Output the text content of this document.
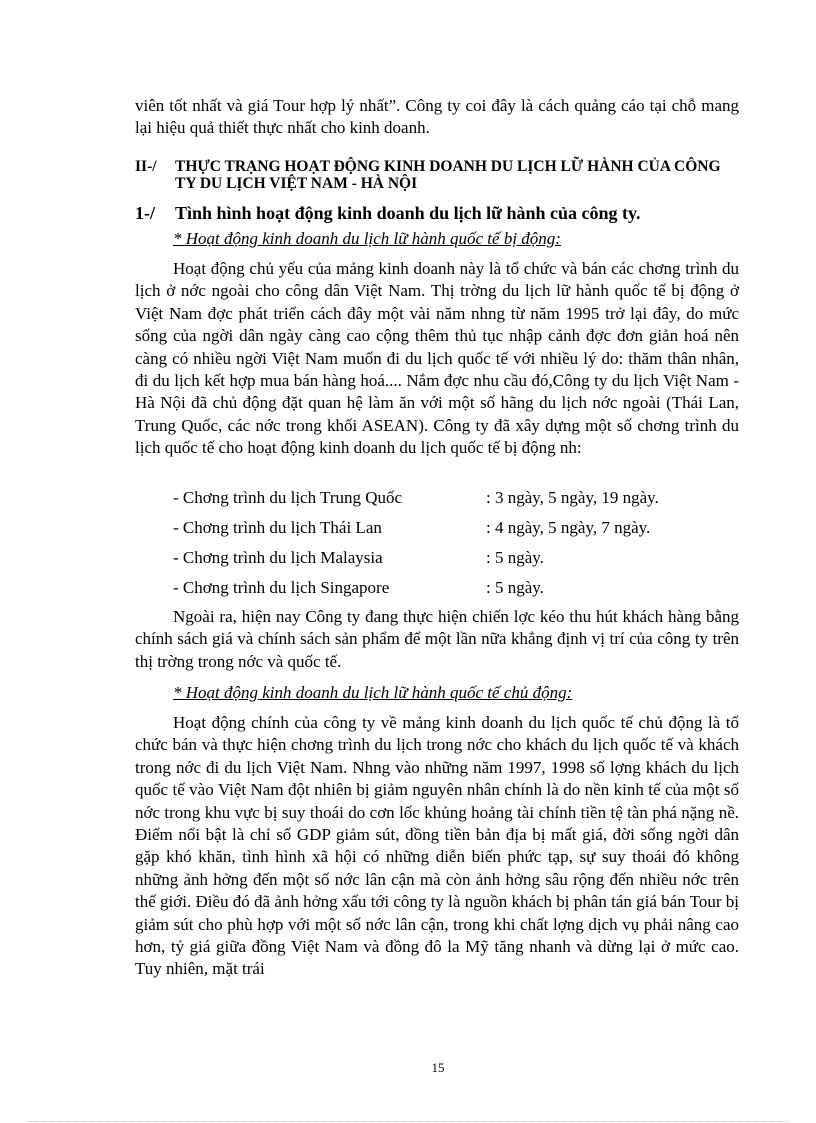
viên tốt nhất và giá Tour hợp lý nhất”. Công ty coi đây là cách quảng cáo tại chỗ mang lại hiệu quả thiết thực nhất cho kinh doanh.

II-/ THỰC TRẠNG HOẠT ĐỘNG KINH DOANH DU LỊCH LỮ HÀNH CỦA CÔNG TY DU LỊCH VIỆT NAM - HÀ NỘI
1-/ Tình hình hoạt động kinh doanh du lịch lữ hành của công ty.
* Hoạt động kinh doanh du lịch lữ hành quốc tế bị động:

Hoạt động chủ yếu của mảng kinh doanh này là tổ chức và bán các chơng trình du lịch ở nớc ngoài cho công dân Việt Nam. Thị trờng du lịch lữ hành quốc tế bị động ở Việt Nam đợc phát triển cách đây một vài năm nhng từ năm 1995 trở lại đây, do mức sống của ngời dân ngày càng cao cộng thêm thủ tục nhập cảnh đợc đơn giản hoá nên càng có nhiều ngời Việt Nam muốn đi du lịch quốc tế với nhiều lý do: thăm thân nhân, đi du lịch kết hợp mua bán hàng hoá.... Nắm đợc nhu cầu đó,Công ty du lịch Việt Nam - Hà Nội đã chủ động đặt quan hệ làm ăn với một số hãng du lịch nớc ngoài (Thái Lan, Trung Quốc, các nớc trong khối ASEAN). Công ty đã xây dựng một số chơng trình du lịch quốc tế cho hoạt động kinh doanh du lịch quốc tế bị động nh:

- Chơng trình du lịch Trung Quốc	: 3 ngày, 5 ngày, 19 ngày.
- Chơng trình du lịch Thái Lan	: 4 ngày, 5 ngày, 7 ngày.
- Chơng trình du lịch Malaysia	: 5 ngày.
- Chơng trình du lịch Singapore	: 5 ngày.

Ngoài ra, hiện nay Công ty đang thực hiện chiến lợc kéo thu hút khách hàng bằng chính sách giá và chính sách sản phẩm để một lần nữa khẳng định vị trí của công ty trên thị trờng trong nớc và quốc tế.

* Hoạt động kinh doanh du lịch lữ hành quốc tế chủ động:

Hoạt động chính của công ty về mảng kinh doanh du lịch quốc tế chủ động là tổ chức bán và thực hiện chơng trình du lịch trong nớc cho khách du lịch quốc tế và khách trong nớc đi du lịch Việt Nam. Nhng vào những năm 1997, 1998 số lợng khách du lịch quốc tế vào Việt Nam đột nhiên bị giảm nguyên nhân chính là do nền kinh tế của một số nớc trong khu vực bị suy thoái do cơn lốc khủng hoảng tài chính tiền tệ tàn phá nặng nề. Điểm nổi bật là chỉ số GDP giảm sút, đồng tiền bản địa bị mất giá, đời sống ngời dân gặp khó khăn, tình hình xã hội có những diễn biến phức tạp, sự suy thoái đó không những ảnh hởng đến một số nớc lân cận mà còn ảnh hởng sâu rộng đến nhiều nớc trên thế giới. Điều đó đã ảnh hởng xấu tới công ty là nguồn khách bị phân tán giá bán Tour bị giảm sút cho phù hợp với một số nớc lân cận, trong khi chất lợng dịch vụ phải nâng cao hơn, tỷ giá giữa đồng Việt Nam và đồng đô la Mỹ tăng nhanh và dừng lại ở mức cao. Tuy nhiên, mặt trái

15
